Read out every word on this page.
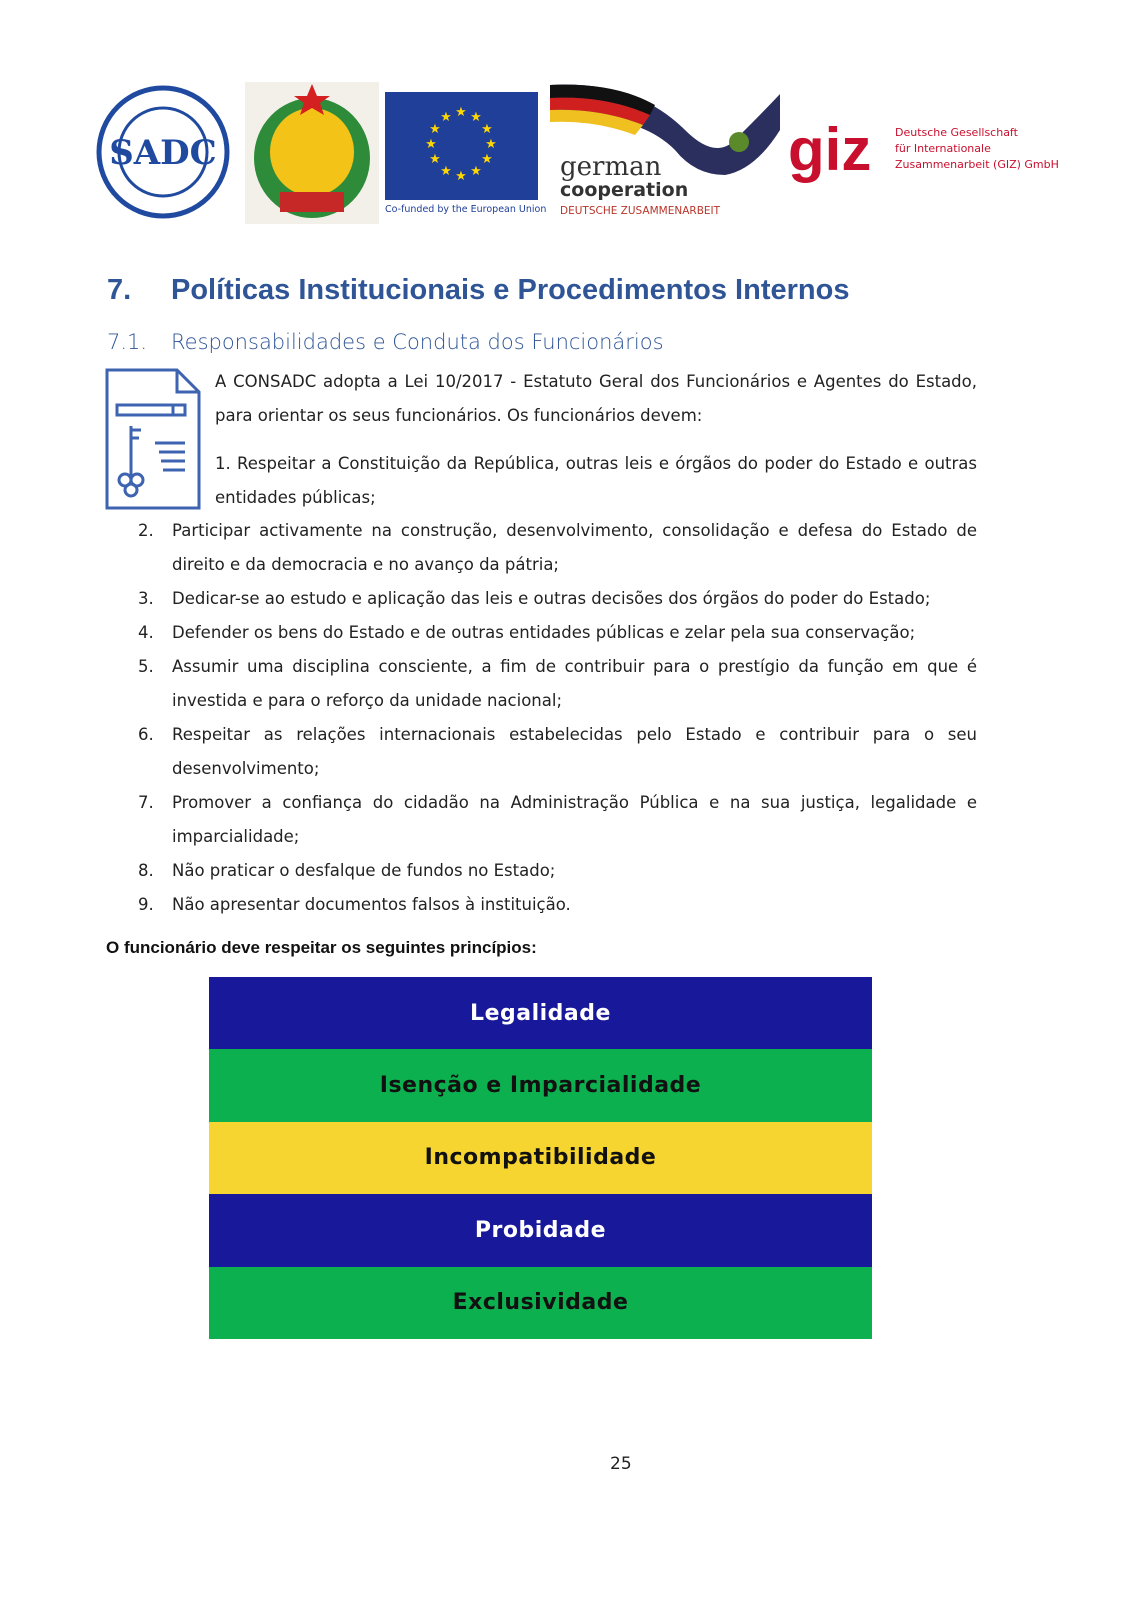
SADC
★ ★
★
★
★
★
★
★
★
★
★
★
Co-funded by the European Union
german
cooperation
DEUTSCHE ZUSAMMENARBEIT
giz Deutsche Gesellschaft
für Internationale
Zusammenarbeit (GIZ) GmbH
7. Políticas Institucionais e Procedimentos Internos
7.1. Responsabilidades e Conduta dos Funcionários

A CONSADC adopta a Lei 10/2017 - Estatuto Geral dos Funcionários e Agentes do Estado, para orientar os seus funcionários. Os funcionários devem:

1. Respeitar a Constituição da República, outras leis e órgãos do poder do Estado e outras entidades públicas;

2.	Participar activamente na construção, desenvolvimento, consolidação e defesa do Estado de direito e da democracia e no avanço da pátria;
3.	Dedicar-se ao estudo e aplicação das leis e outras decisões dos órgãos do poder do Estado;
4.	Defender os bens do Estado e de outras entidades públicas e zelar pela sua conservação;
5.	Assumir uma disciplina consciente, a fim de contribuir para o prestígio da função em que é investida e para o reforço da unidade nacional;
6.	Respeitar as relações internacionais estabelecidas pelo Estado e contribuir para o seu desenvolvimento;
7.	Promover a confiança do cidadão na Administração Pública e na sua justiça, legalidade e imparcialidade;
8.	Não praticar o desfalque de fundos no Estado;
9.	Não apresentar documentos falsos à instituição.
O funcionário deve respeitar os seguintes princípios:
Legalidade
Isenção e Imparcialidade
Incompatibilidade
Probidade
Exclusividade
25
